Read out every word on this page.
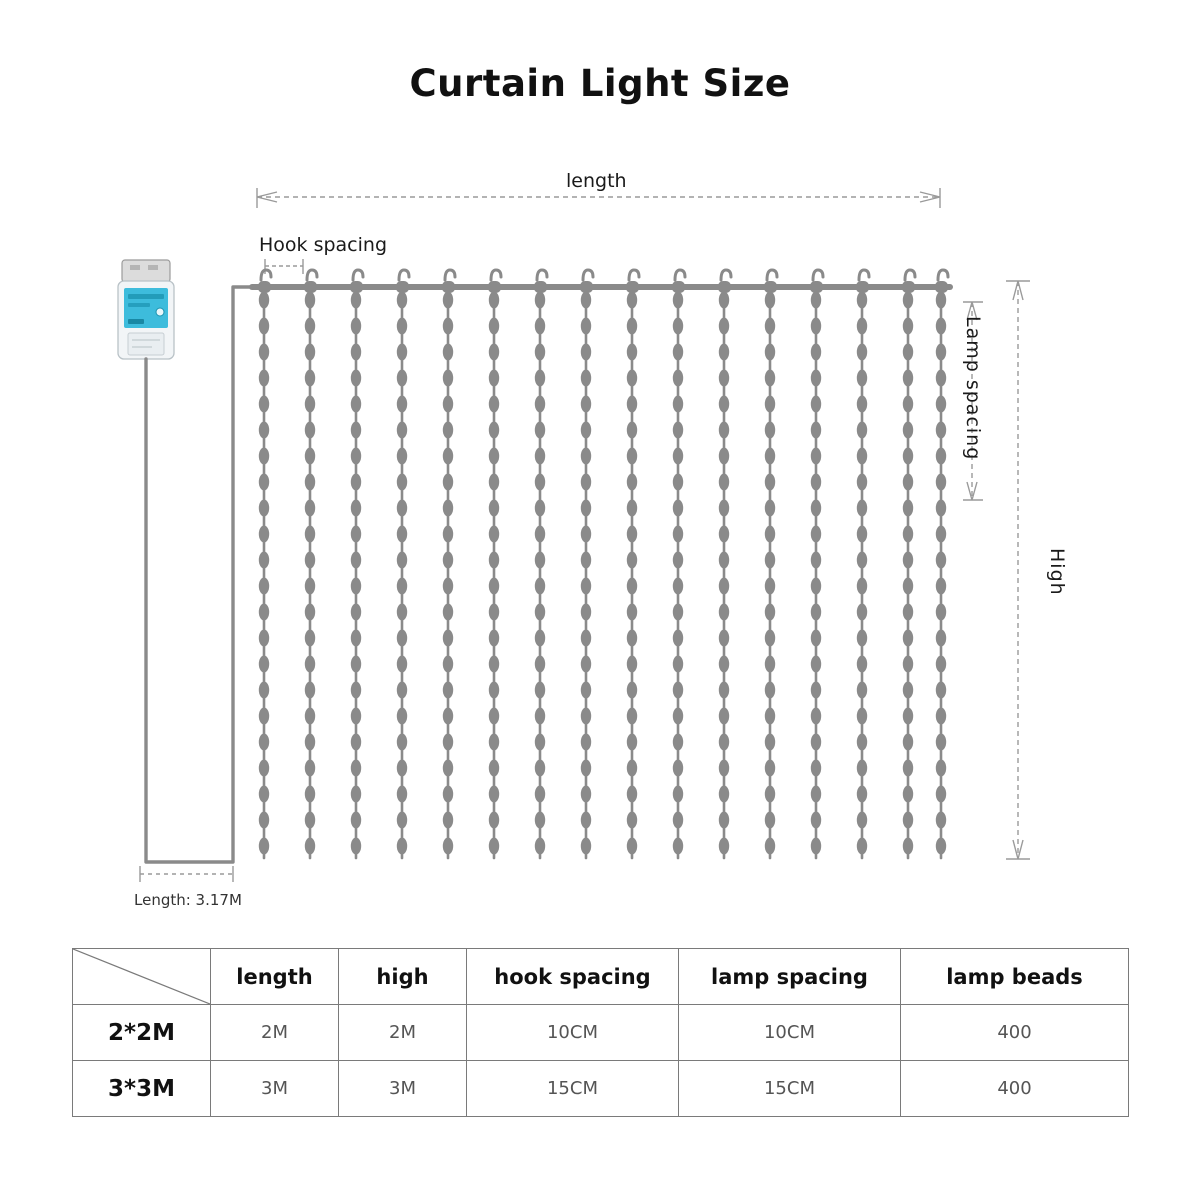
Curtain Light Size
length
Hook spacing
Lamp spacing
High
Length: 3.17M
	length	high	hook spacing	lamp spacing	lamp beads
2*2M	2M	2M	10CM	10CM	400
3*3M	3M	3M	15CM	15CM	400
